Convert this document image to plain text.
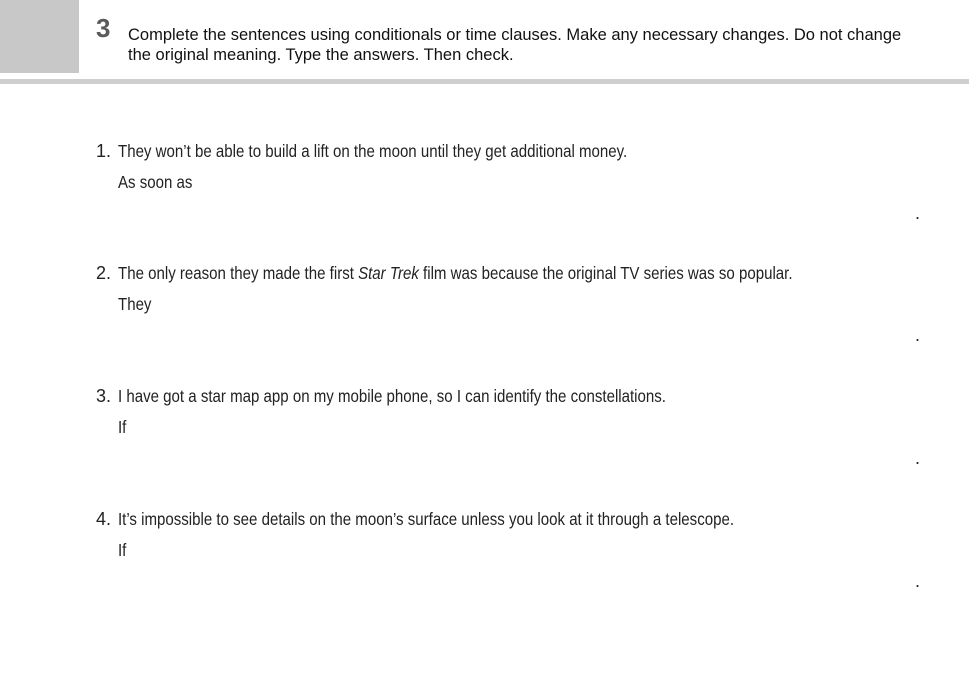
3 Complete the sentences using conditionals or time clauses. Make any necessary changes. Do not change the original meaning. Type the answers. Then check.
1. They won’t be able to build a lift on the moon until they get additional money.
As soon as
.
2. The only reason they made the first Star Trek film was because the original TV series was so popular.
They
.
3. I have got a star map app on my mobile phone, so I can identify the constellations.
If
.
4. It’s impossible to see details on the moon’s surface unless you look at it through a telescope.
If
.
